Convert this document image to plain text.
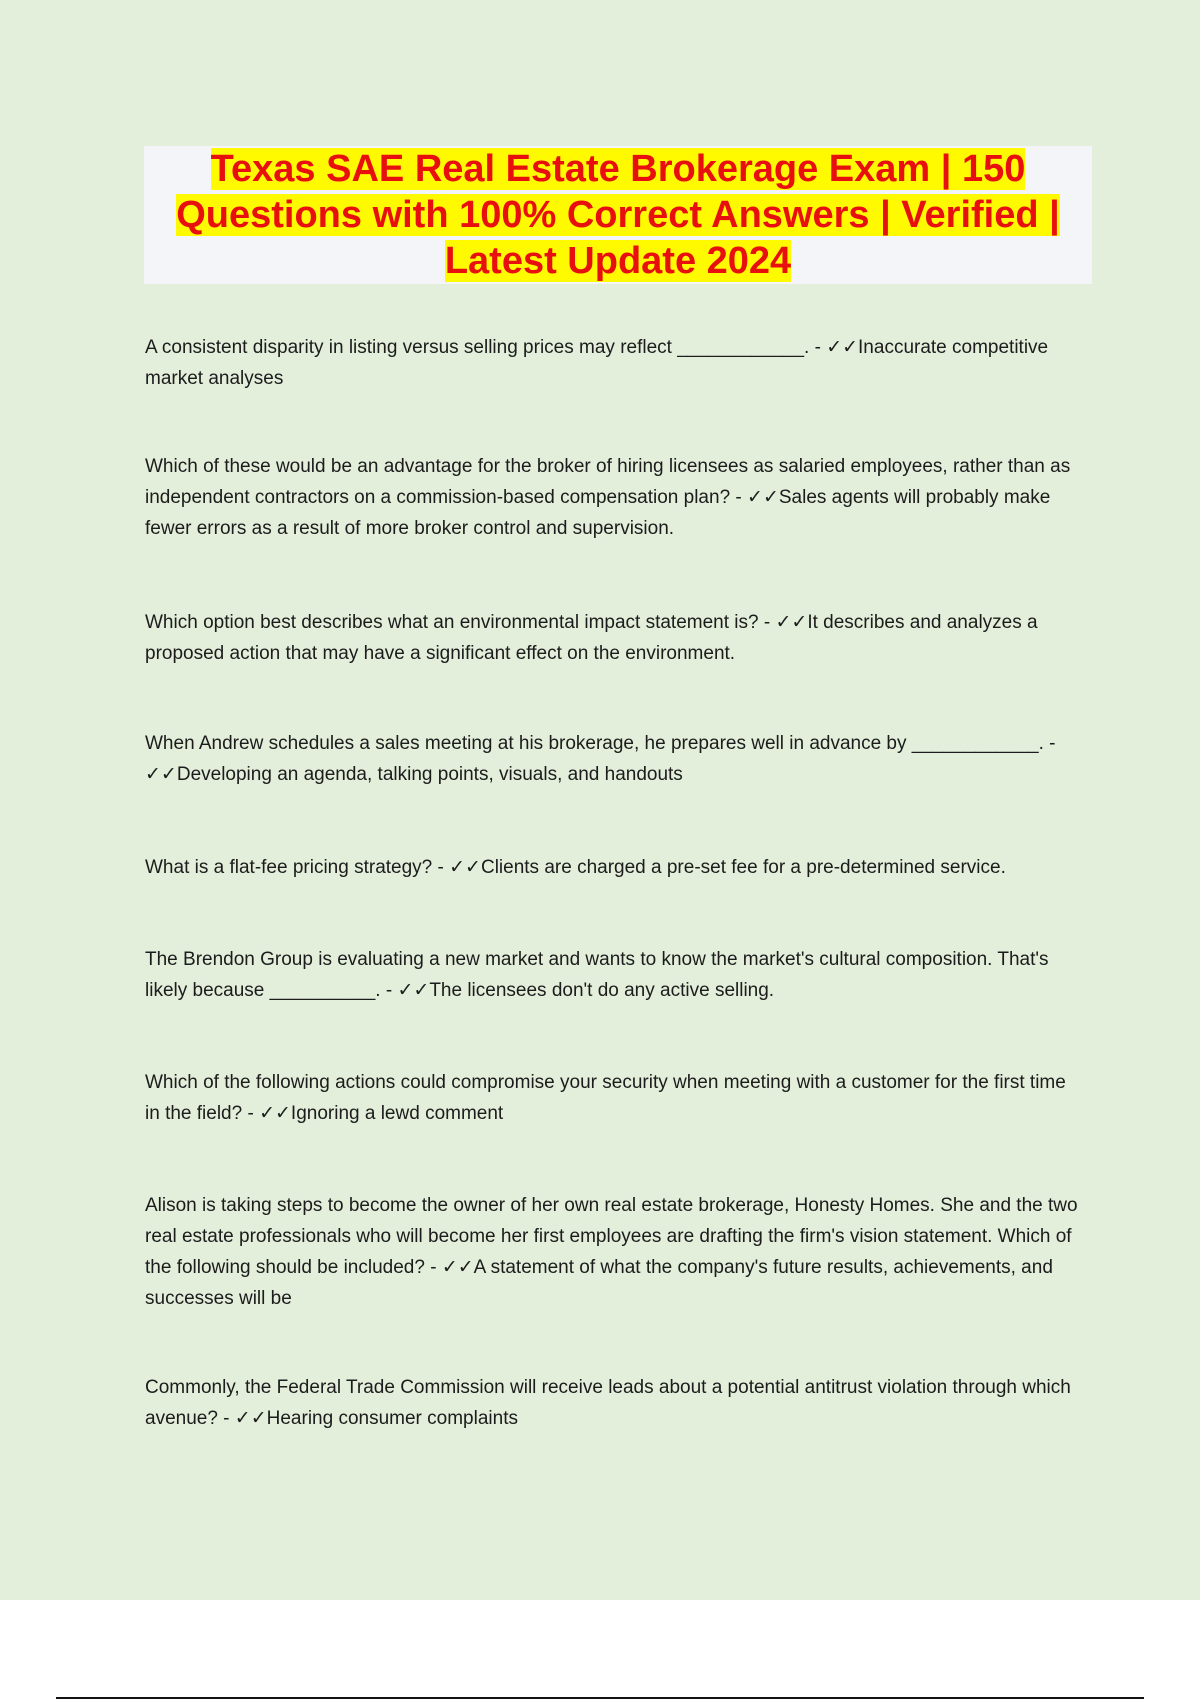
Texas SAE Real Estate Brokerage Exam | 150
Questions with 100% Correct Answers | Verified |
Latest Update 2024

A consistent disparity in listing versus selling prices may reflect ____________. - ✓✓Inaccurate competitive market analyses

Which of these would be an advantage for the broker of hiring licensees as salaried employees, rather than as independent contractors on a commission-based compensation plan? - ✓✓Sales agents will probably make fewer errors as a result of more broker control and supervision.

Which option best describes what an environmental impact statement is? - ✓✓It describes and analyzes a proposed action that may have a significant effect on the environment.

When Andrew schedules a sales meeting at his brokerage, he prepares well in advance by ____________. - ✓✓Developing an agenda, talking points, visuals, and handouts

What is a flat-fee pricing strategy? - ✓✓Clients are charged a pre-set fee for a pre-determined service.

The Brendon Group is evaluating a new market and wants to know the market's cultural composition. That's likely because __________. - ✓✓The licensees don't do any active selling.

Which of the following actions could compromise your security when meeting with a customer for the first time in the field? - ✓✓Ignoring a lewd comment

Alison is taking steps to become the owner of her own real estate brokerage, Honesty Homes. She and the two real estate professionals who will become her first employees are drafting the firm's vision statement. Which of the following should be included? - ✓✓A statement of what the company's future results, achievements, and successes will be

Commonly, the Federal Trade Commission will receive leads about a potential antitrust violation through which avenue? - ✓✓Hearing consumer complaints
